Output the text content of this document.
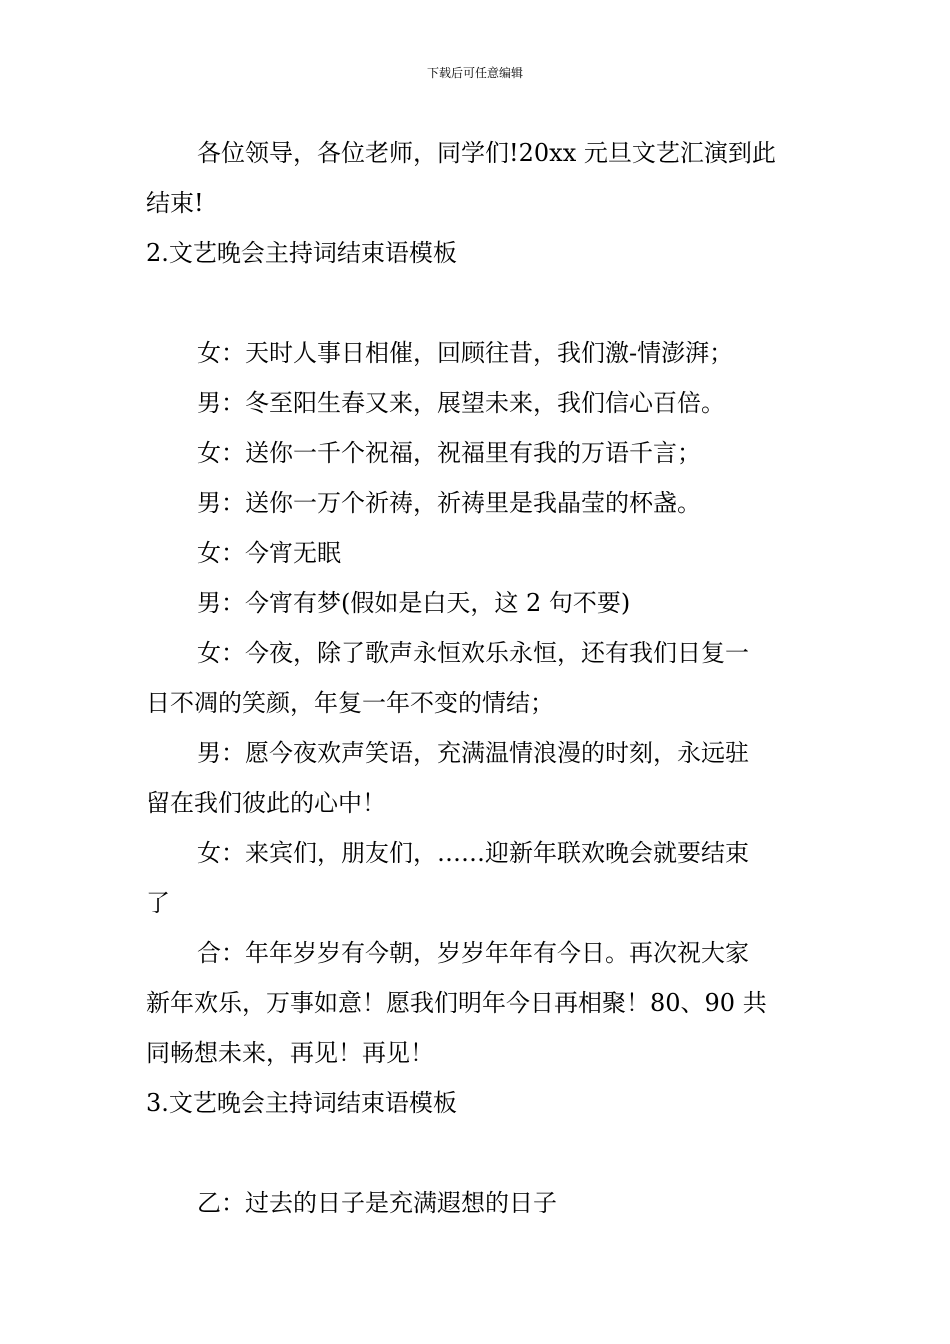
下载后可任意编辑
各位领导，各位老师，同学们!20xx 元旦文艺汇演到此
结束!
2.文艺晚会主持词结束语模板
女：天时人事日相催，回顾往昔，我们激-情澎湃；
男：冬至阳生春又来，展望未来，我们信心百倍。
女：送你一千个祝福，祝福里有我的万语千言；
男：送你一万个祈祷，祈祷里是我晶莹的杯盏。
女：今宵无眠
男：今宵有梦(假如是白天，这 2 句不要)
女：今夜，除了歌声永恒欢乐永恒，还有我们日复一
日不凋的笑颜，年复一年不变的情结；
男：愿今夜欢声笑语，充满温情浪漫的时刻，永远驻
留在我们彼此的心中！
女：来宾们，朋友们，……迎新年联欢晚会就要结束
了
合：年年岁岁有今朝，岁岁年年有今日。再次祝大家
新年欢乐，万事如意！愿我们明年今日再相聚！80、90 共
同畅想未来，再见！再见！
3.文艺晚会主持词结束语模板
乙：过去的日子是充满遐想的日子
